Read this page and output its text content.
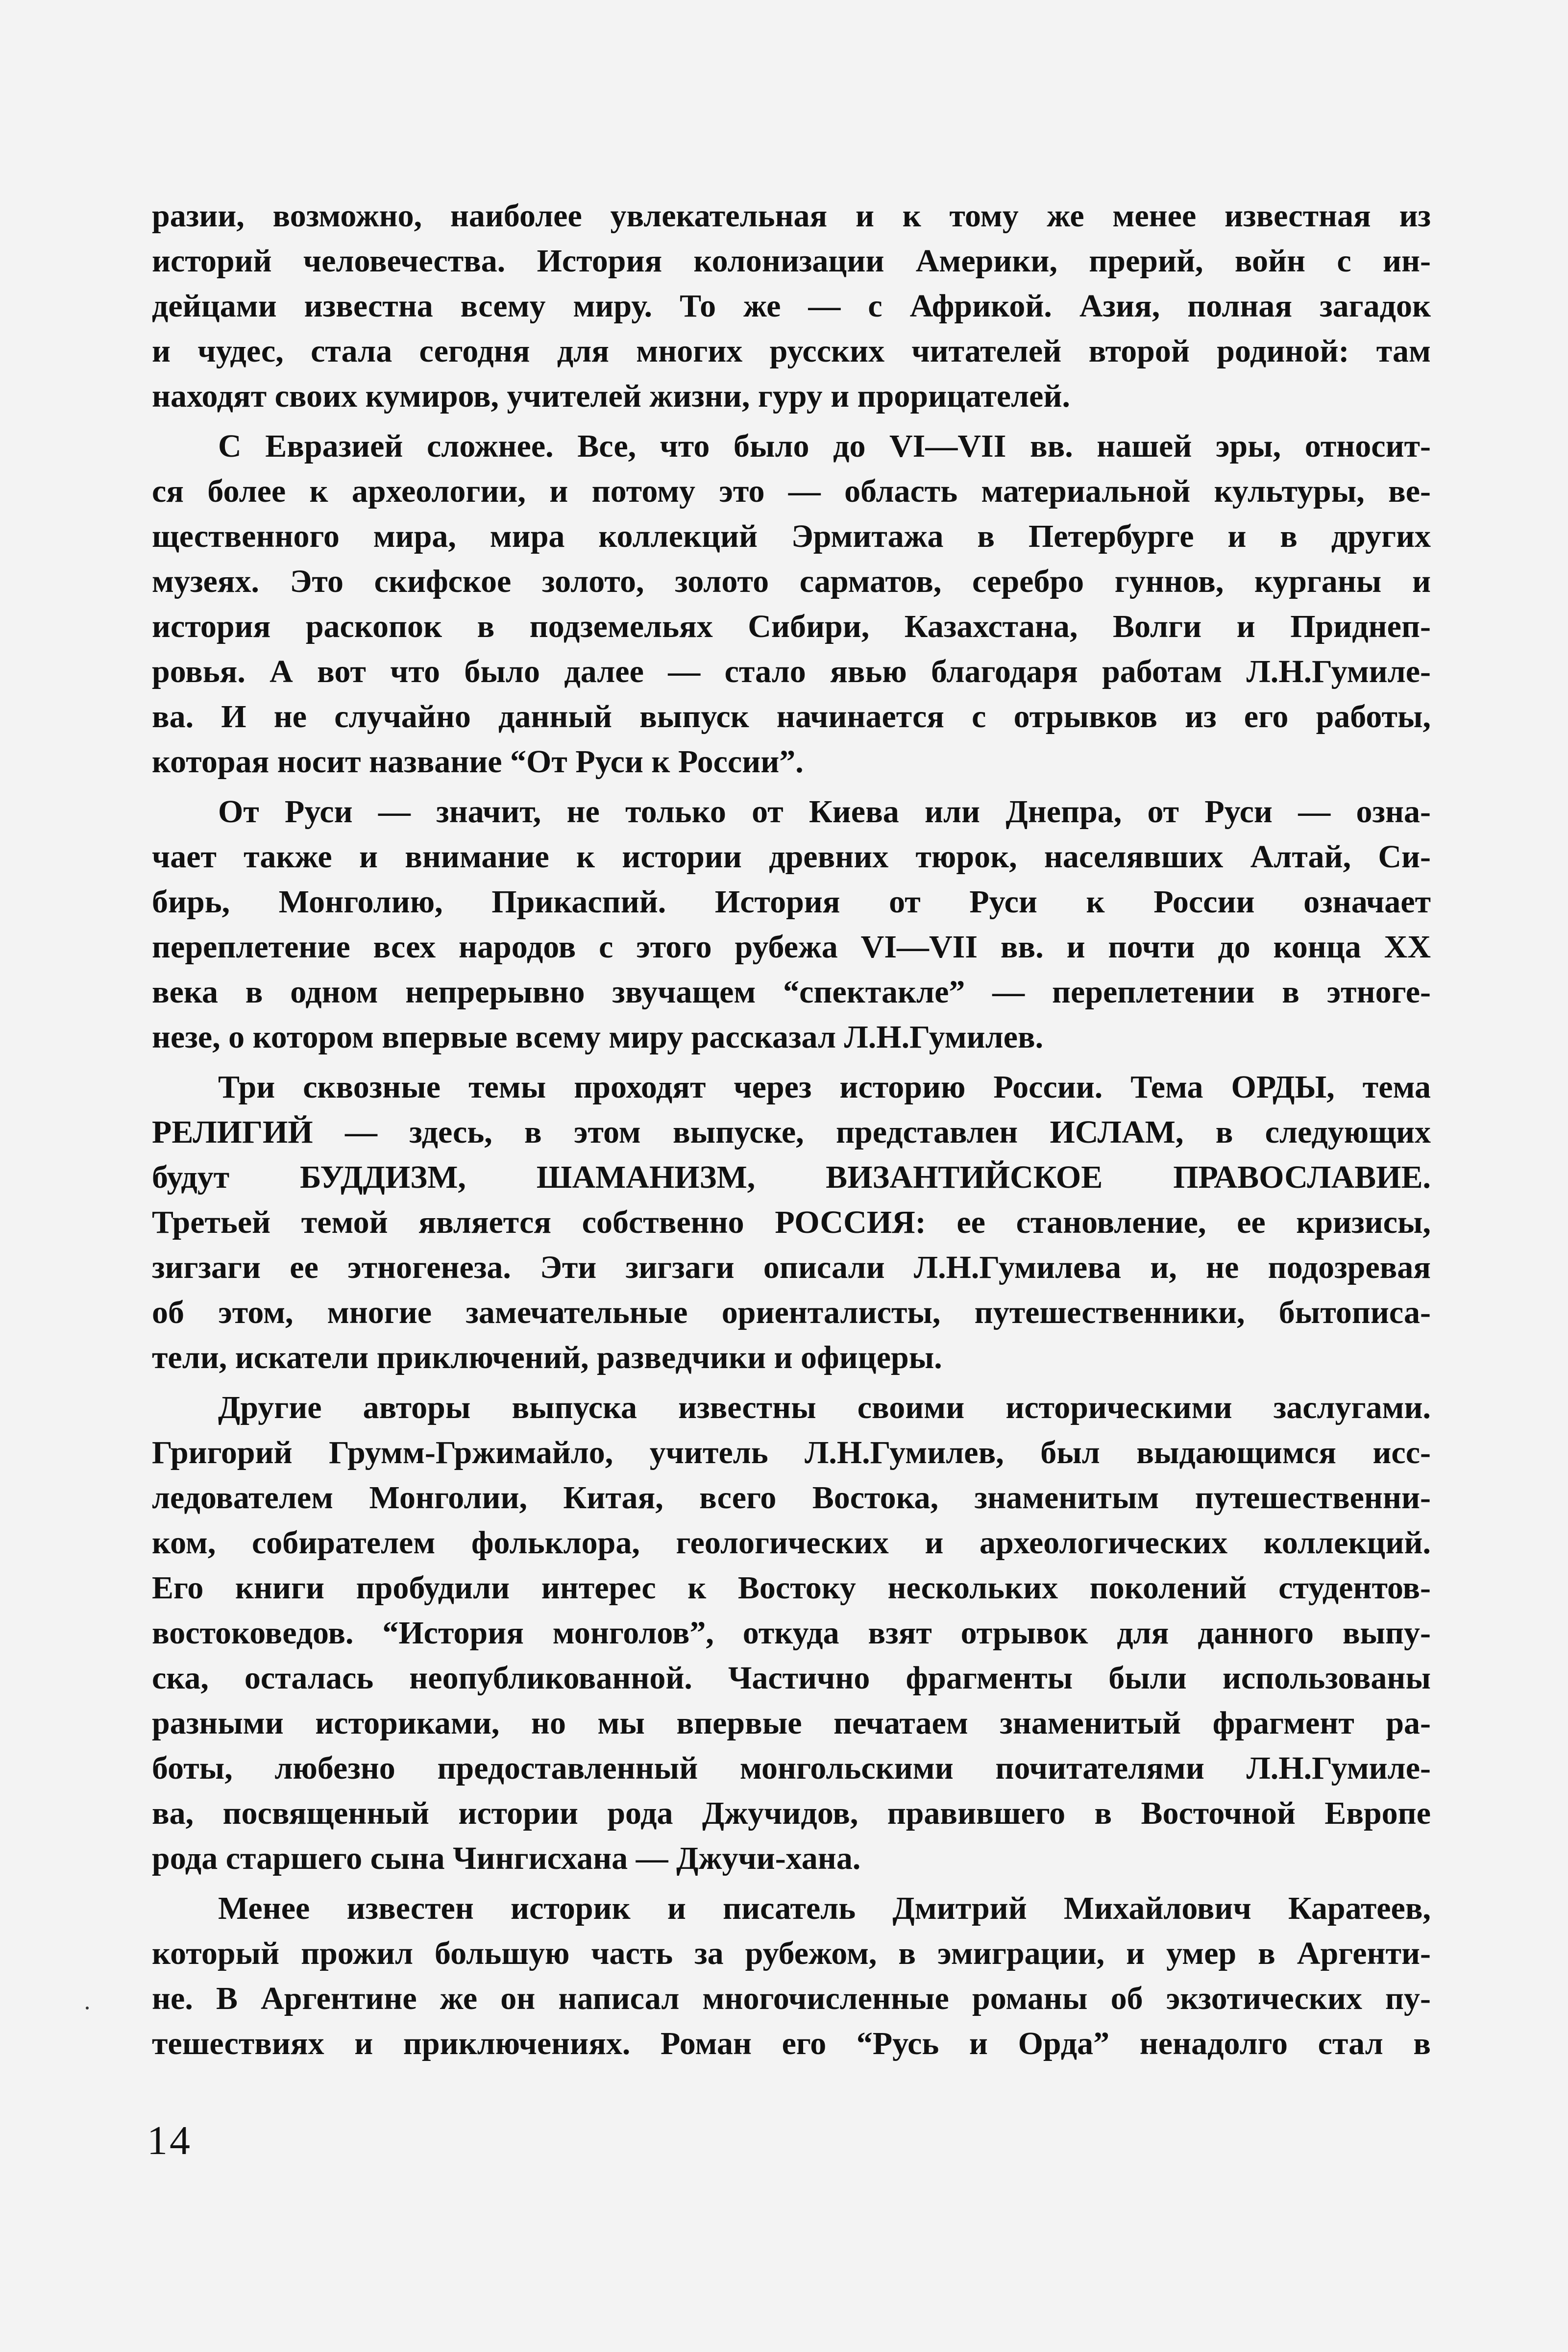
разии, возможно, наиболее увлекательная и к тому же менее известная из
историй человечества. История колонизации Америки, прерий, войн с ин-
дейцами известна всему миру. То же — с Африкой. Азия, полная загадок
и чудес, стала сегодня для многих русских читателей второй родиной: там
находят своих кумиров, учителей жизни, гуру и прорицателей.
С Евразией сложнее. Все, что было до VI—VII вв. нашей эры, относит-
ся более к археологии, и потому это — область материальной культуры, ве-
щественного мира, мира коллекций Эрмитажа в Петербурге и в других
музеях. Это скифское золото, золото сарматов, серебро гуннов, курганы и
история раскопок в подземельях Сибири, Казахстана, Волги и Приднеп-
ровья. А вот что было далее — стало явью благодаря работам Л.Н.Гумиле-
ва. И не случайно данный выпуск начинается с отрывков из его работы,
которая носит название “От Руси к России”.
От Руси — значит, не только от Киева или Днепра, от Руси — озна-
чает также и внимание к истории древних тюрок, населявших Алтай, Си-
бирь, Монголию, Прикаспий. История от Руси к России означает
переплетение всех народов с этого рубежа VI—VII вв. и почти до конца XX
века в одном непрерывно звучащем “спектакле” — переплетении в этноге-
незе, о котором впервые всему миру рассказал Л.Н.Гумилев.
Три сквозные темы проходят через историю России. Тема ОРДЫ, тема
РЕЛИГИЙ — здесь, в этом выпуске, представлен ИСЛАМ, в следующих
будут БУДДИЗМ, ШАМАНИЗМ, ВИЗАНТИЙСКОЕ ПРАВОСЛАВИЕ.
Третьей темой является собственно РОССИЯ: ее становление, ее кризисы,
зигзаги ее этногенеза. Эти зигзаги описали Л.Н.Гумилева и, не подозревая
об этом, многие замечательные ориенталисты, путешественники, бытописа-
тели, искатели приключений, разведчики и офицеры.
Другие авторы выпуска известны своими историческими заслугами.
Григорий Грумм-Гржимайло, учитель Л.Н.Гумилев, был выдающимся исс-
ледователем Монголии, Китая, всего Востока, знаменитым путешественни-
ком, собирателем фольклора, геологических и археологических коллекций.
Его книги пробудили интерес к Востоку нескольких поколений студентов-
востоковедов. “История монголов”, откуда взят отрывок для данного выпу-
ска, осталась неопубликованной. Частично фрагменты были использованы
разными историками, но мы впервые печатаем знаменитый фрагмент ра-
боты, любезно предоставленный монгольскими почитателями Л.Н.Гумиле-
ва, посвященный истории рода Джучидов, правившего в Восточной Европе
рода старшего сына Чингисхана — Джучи-хана.
Менее известен историк и писатель Дмитрий Михайлович Каратеев,
который прожил большую часть за рубежом, в эмиграции, и умер в Аргенти-
не. В Аргентине же он написал многочисленные романы об экзотических пу-
тешествиях и приключениях. Роман его “Русь и Орда” ненадолго стал в
14
